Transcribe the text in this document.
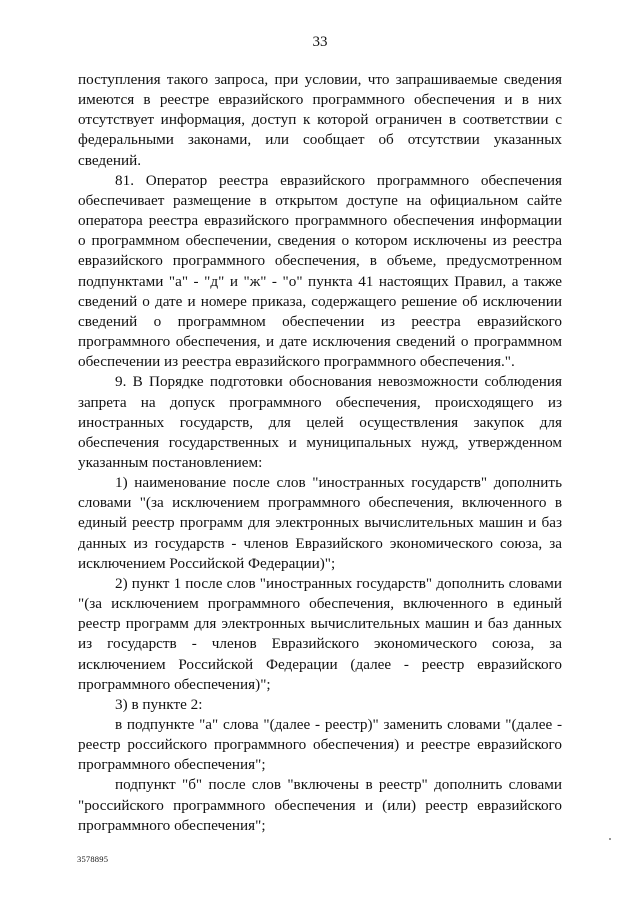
33

поступления такого запроса, при условии, что запрашиваемые сведения имеются в реестре евразийского программного обеспечения и в них отсутствует информация, доступ к которой ограничен в соответствии с федеральными законами, или сообщает об отсутствии указанных сведений.

81. Оператор реестра евразийского программного обеспечения обеспечивает размещение в открытом доступе на официальном сайте оператора реестра евразийского программного обеспечения информации о программном обеспечении, сведения о котором исключены из реестра евразийского программного обеспечения, в объеме, предусмотренном подпунктами "а" - "д" и "ж" - "о" пункта 41 настоящих Правил, а также сведений о дате и номере приказа, содержащего решение об исключении сведений о программном обеспечении из реестра евразийского программного обеспечения, и дате исключения сведений о программном обеспечении из реестра евразийского программного обеспечения.".

9. В Порядке подготовки обоснования невозможности соблюдения запрета на допуск программного обеспечения, происходящего из иностранных государств, для целей осуществления закупок для обеспечения государственных и муниципальных нужд, утвержденном указанным постановлением:

1) наименование после слов "иностранных государств" дополнить словами "(за исключением программного обеспечения, включенного в единый реестр программ для электронных вычислительных машин и баз данных из государств - членов Евразийского экономического союза, за исключением Российской Федерации)";

2) пункт 1 после слов "иностранных государств" дополнить словами "(за исключением программного обеспечения, включенного в единый реестр программ для электронных вычислительных машин и баз данных из государств - членов Евразийского экономического союза, за исключением Российской Федерации (далее - реестр евразийского программного обеспечения)";

3) в пункте 2:

в подпункте "а" слова "(далее - реестр)" заменить словами "(далее - реестр российского программного обеспечения) и реестре евразийского программного обеспечения";

подпункт "б" после слов "включены в реестр" дополнить словами "российского программного обеспечения и (или) реестр евразийского программного обеспечения";

3578895
